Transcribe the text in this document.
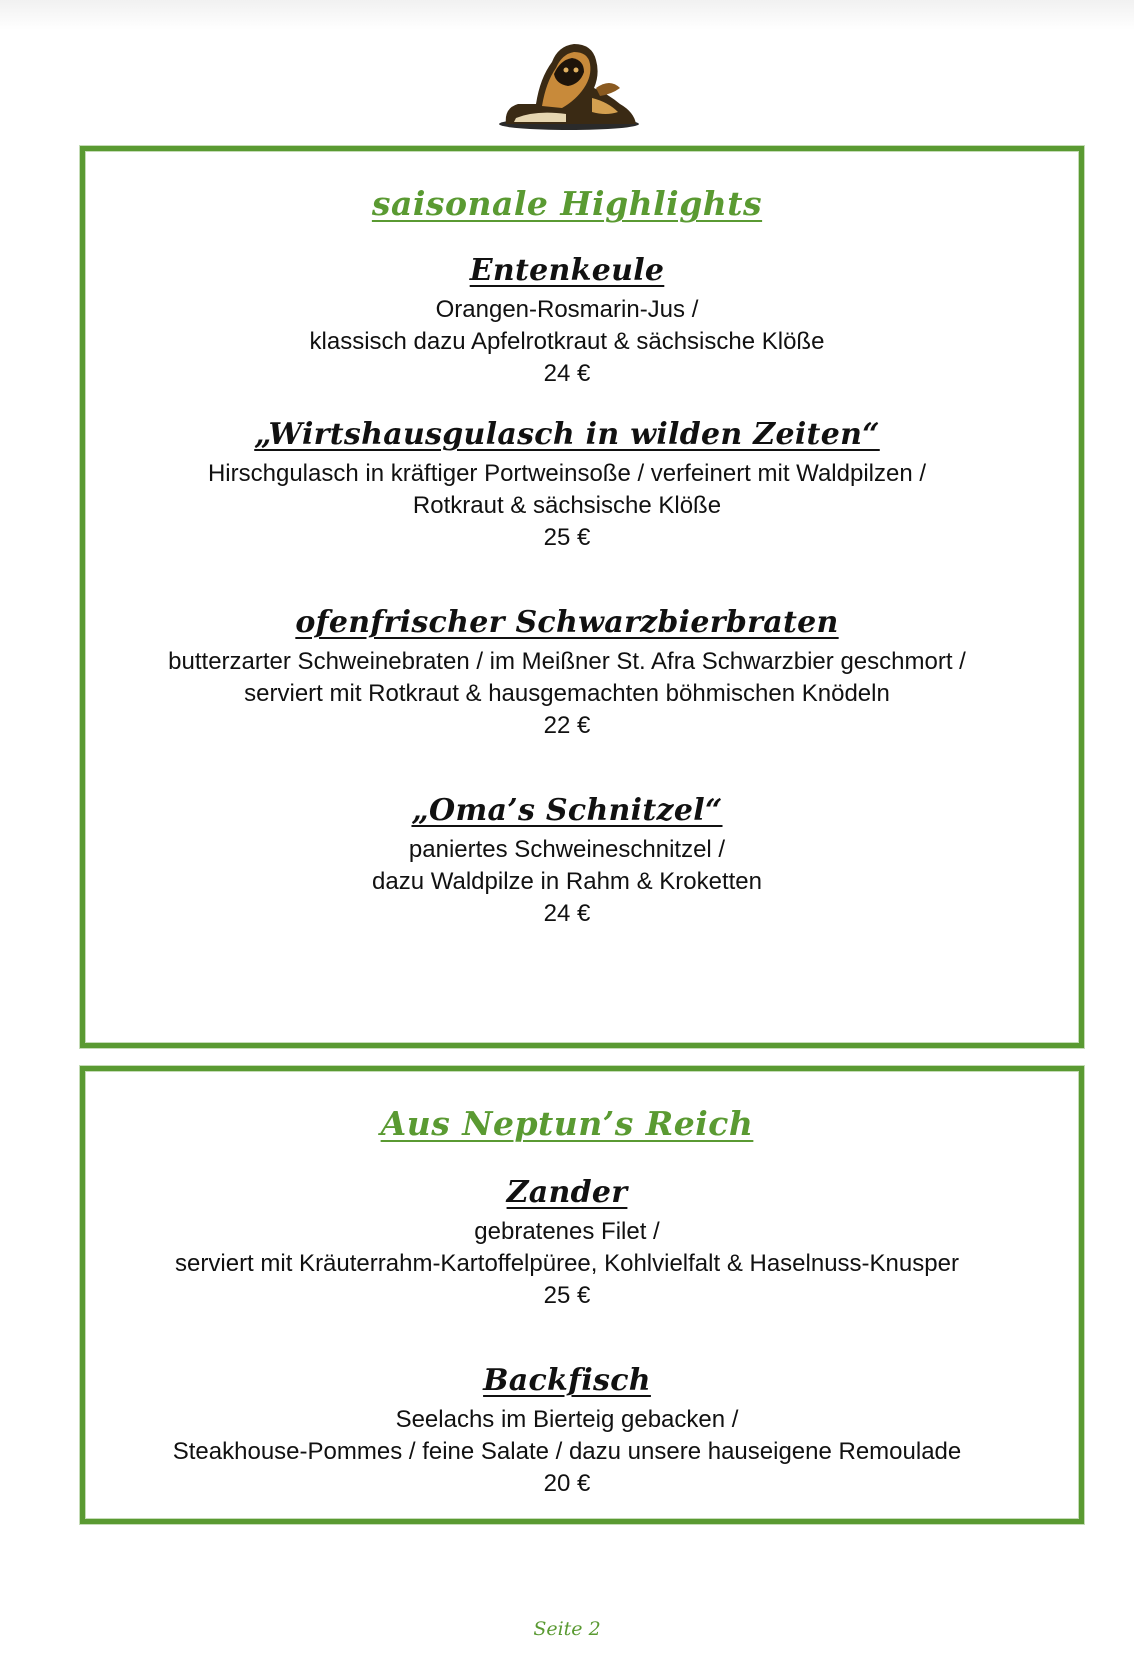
saisonale Highlights
Entenkeule
Orangen-Rosmarin-Jus /
klassisch dazu Apfelrotkraut & sächsische Klöße
24 €
„Wirtshausgulasch in wilden Zeiten“
Hirschgulasch in kräftiger Portweinsoße / verfeinert mit Waldpilzen /
Rotkraut & sächsische Klöße
25 €
ofenfrischer Schwarzbierbraten
butterzarter Schweinebraten / im Meißner St. Afra Schwarzbier geschmort /
serviert mit Rotkraut & hausgemachten böhmischen Knödeln
22 €
„Oma’s Schnitzel“
paniertes Schweineschnitzel /
dazu Waldpilze in Rahm & Kroketten
24 €
Aus Neptun’s Reich
Zander
gebratenes Filet /
serviert mit Kräuterrahm-Kartoffelpüree, Kohlvielfalt & Haselnuss-Knusper
25 €
Backfisch
Seelachs im Bierteig gebacken /
Steakhouse-Pommes / feine Salate / dazu unsere hauseigene Remoulade
20 €
Seite 2
